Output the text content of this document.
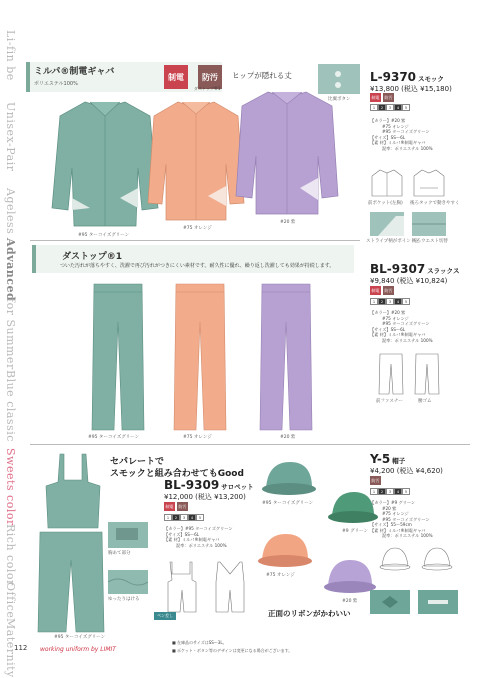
Li-fin be
Unisex-Pair
Ageless
Advanced
for Summer
Blue classic
Sweets color
Rich color
Office
Maternity
ミルパ®制電ギャバ
ポリエステル100%
制電	防汚
ダストップ®1
ヒップが隠れる丈
#95 ターコイズグリーン
#75 オレンジ
#20 紫
比翼ボタン
L-9370 スモック
¥13,800 (税込 ¥15,180)
制電	防汚
1	2	3	4	5
【カラー】#20 紫
#75 オレンジ
#95 ターコイズグリーン
【サイズ】SS〜6L
【素 材】ミルパ®制電ギャバ
混率：ポリエステル 100%
前ポケット(左胸) 後ろタックで動きやすく
ストライプ柄がポイントと
後ろウエスト切替
ダストップ®1
ついた汚れが落ちやすく、洗濯で再び汚れがつきにくい素材です。耐久性に優れ、繰り返し洗濯しても効果が持続します。
#95 ターコイズグリーン	#75 オレンジ	#20 紫
BL-9307 スラックス
¥9,840 (税込 ¥10,824)
制電	防汚
1	2	3	4	5
【カラー】#20 紫
#75 オレンジ
#95 ターコイズグリーン
【サイズ】SS〜6L
【素 材】ミルパ®制電ギャバ
混率：ポリエステル 100%
前ファスナー	腰ゴム
#95 ターコイズグリーン
胸あて部分
ゆったりはける
セパレートで
スモックと組み合わせてもGood
BL-9309 サロペット
¥12,000 (税込 ¥13,200)
制電	防汚
1	2	3	4	5
【カラー】#95 ターコイズグリーン
【サイズ】SS〜6L
【素 材】ミルパ®制電ギャバ
混率：ポリエステル 100%
ペン差し
#95 ターコイズグリーン
#9 グリーン
#75 オレンジ
#20 紫
正面のリボンがかわいい
Y-5 帽子
¥4,200 (税込 ¥4,620)
防汚
1	2	3	4	5
【カラー】#9 グリーン
#20 紫
#75 オレンジ
#95 ターコイズグリーン
【サイズ】55〜59cm
【素 材】ミルパ®制電ギャバ
混率：ポリエステル 100%
112 working uniform by LIMIT
■ 在庫品のサイズはSS〜3L。
■ ポケット・ボタン等のデザインは変更になる場合がございます。
